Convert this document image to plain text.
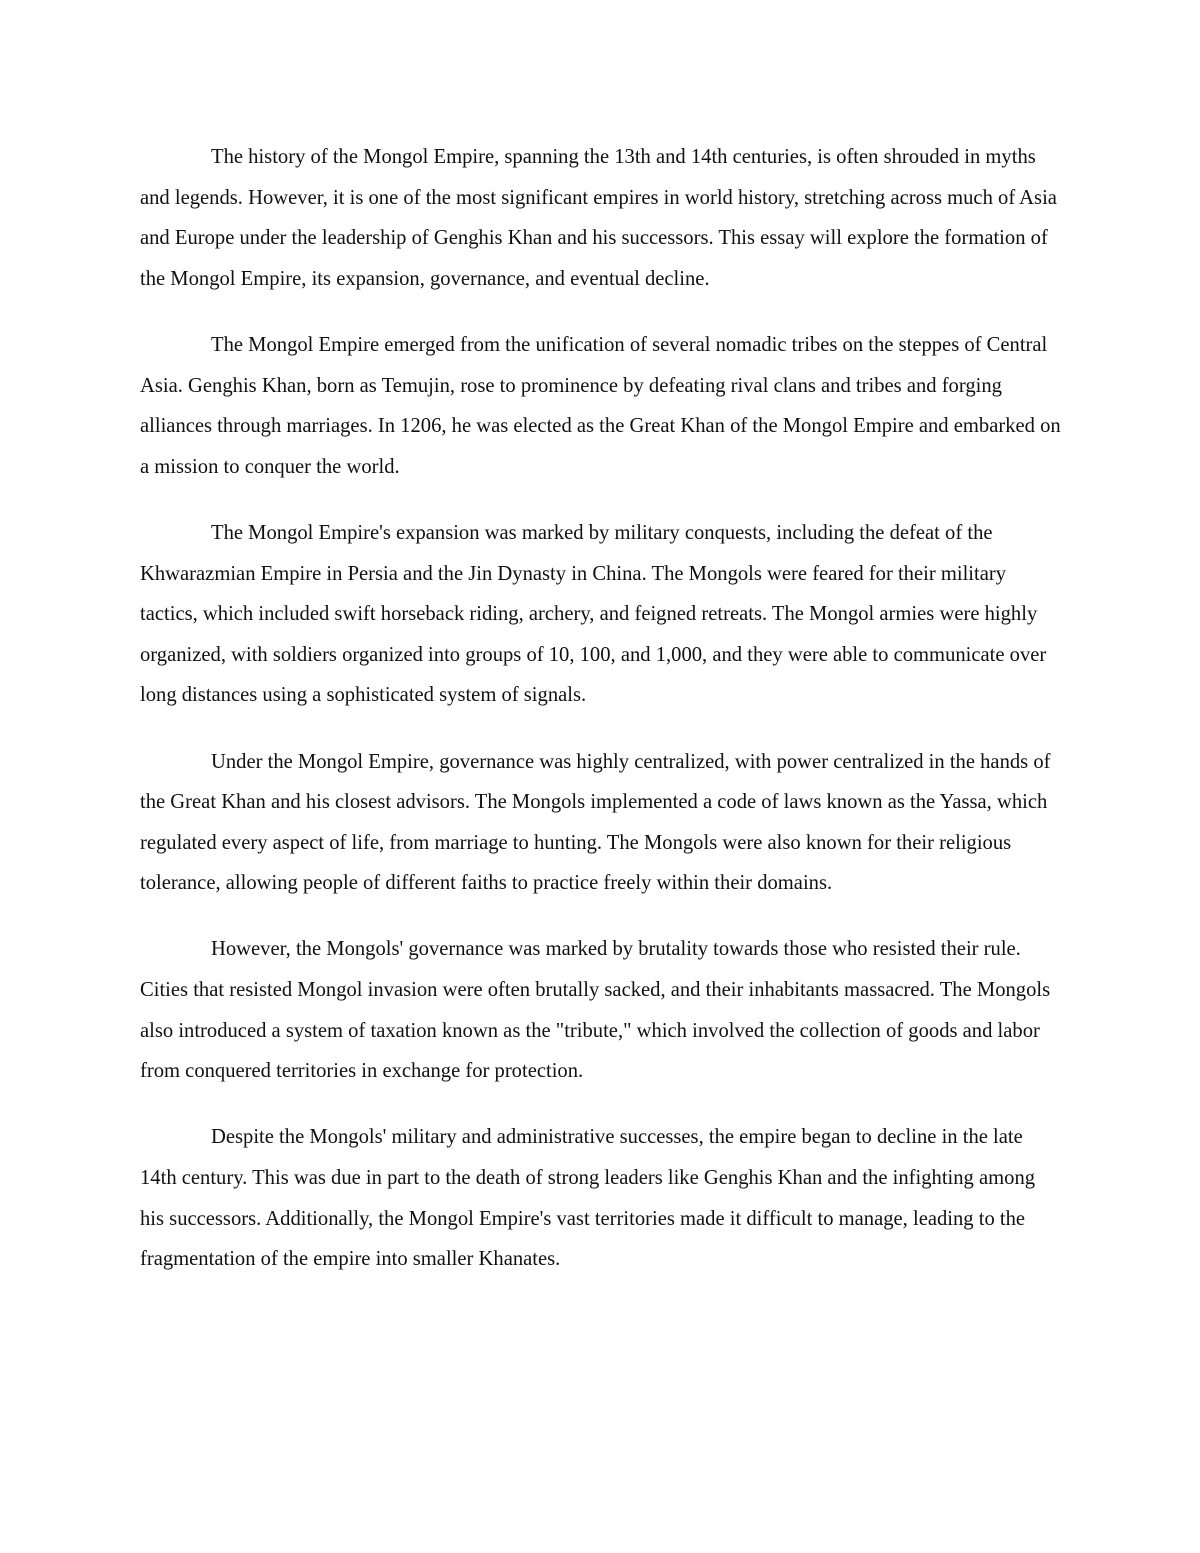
The history of the Mongol Empire, spanning the 13th and 14th centuries, is often shrouded in myths and legends. However, it is one of the most significant empires in world history, stretching across much of Asia and Europe under the leadership of Genghis Khan and his successors. This essay will explore the formation of the Mongol Empire, its expansion, governance, and eventual decline.

The Mongol Empire emerged from the unification of several nomadic tribes on the steppes of Central Asia. Genghis Khan, born as Temujin, rose to prominence by defeating rival clans and tribes and forging alliances through marriages. In 1206, he was elected as the Great Khan of the Mongol Empire and embarked on a mission to conquer the world.

The Mongol Empire's expansion was marked by military conquests, including the defeat of the Khwarazmian Empire in Persia and the Jin Dynasty in China. The Mongols were feared for their military tactics, which included swift horseback riding, archery, and feigned retreats. The Mongol armies were highly organized, with soldiers organized into groups of 10, 100, and 1,000, and they were able to communicate over long distances using a sophisticated system of signals.

Under the Mongol Empire, governance was highly centralized, with power centralized in the hands of the Great Khan and his closest advisors. The Mongols implemented a code of laws known as the Yassa, which regulated every aspect of life, from marriage to hunting. The Mongols were also known for their religious tolerance, allowing people of different faiths to practice freely within their domains.

However, the Mongols' governance was marked by brutality towards those who resisted their rule. Cities that resisted Mongol invasion were often brutally sacked, and their inhabitants massacred. The Mongols also introduced a system of taxation known as the "tribute," which involved the collection of goods and labor from conquered territories in exchange for protection.

Despite the Mongols' military and administrative successes, the empire began to decline in the late 14th century. This was due in part to the death of strong leaders like Genghis Khan and the infighting among his successors. Additionally, the Mongol Empire's vast territories made it difficult to manage, leading to the fragmentation of the empire into smaller Khanates.
